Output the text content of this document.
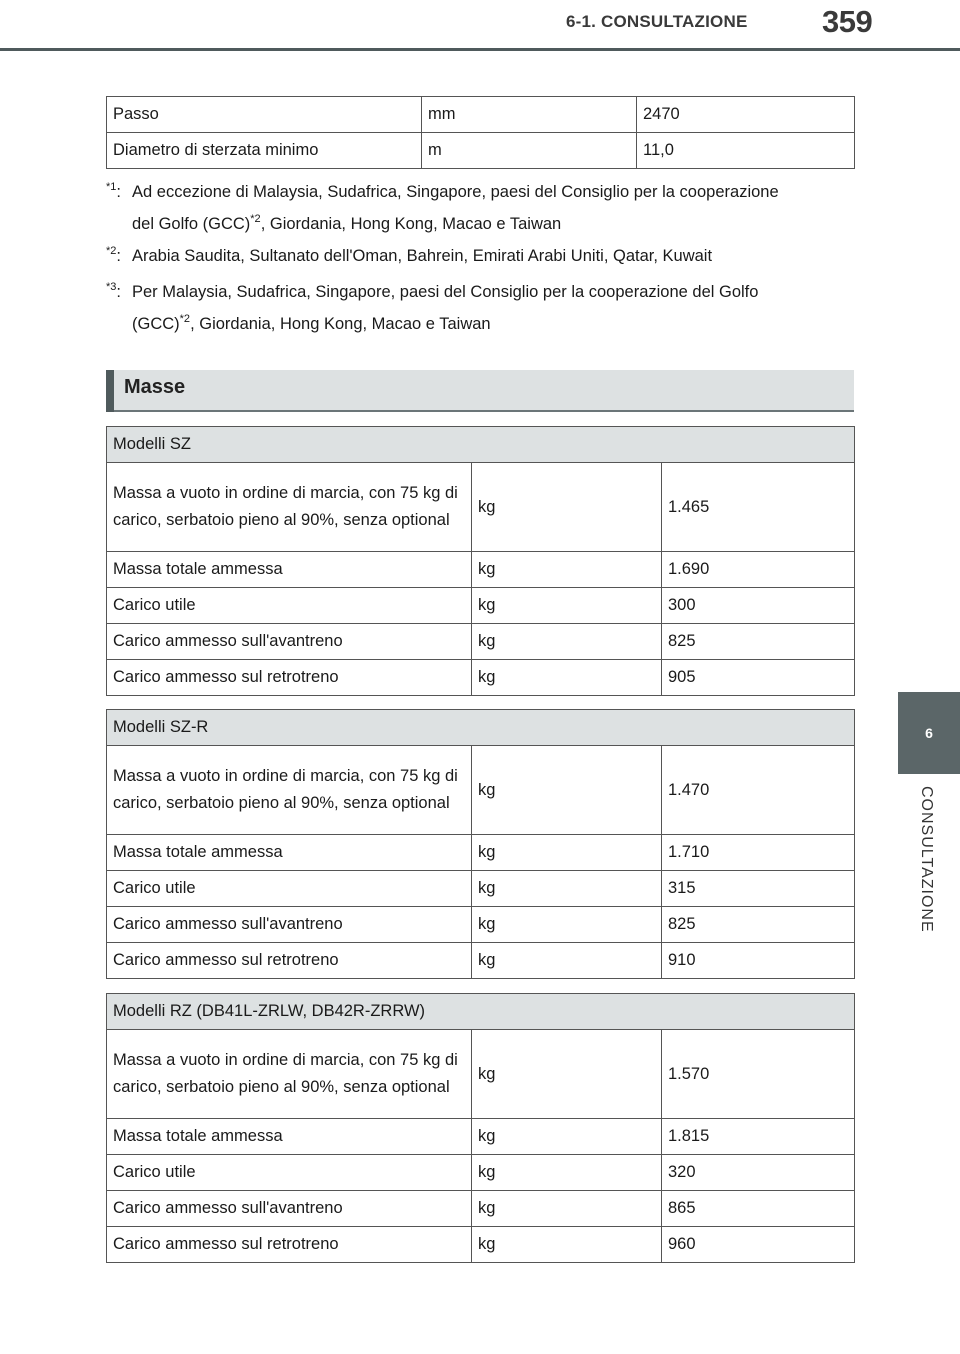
6-1. CONSULTAZIONE 359
6
CONSULTAZIONE
Passo	mm	2470
Diametro di sterzata minimo	m	11,0
$^{*1}$: Ad eccezione di Malaysia, Sudafrica, Singapore, paesi del Consiglio per la cooperazione
del Golfo (GCC)$^{*2}$, Giordania, Hong Kong, Macao e Taiwan
$^{*2}$: Arabia Saudita, Sultanato dell'Oman, Bahrein, Emirati Arabi Uniti, Qatar, Kuwait
$^{*3}$: Per Malaysia, Sudafrica, Singapore, paesi del Consiglio per la cooperazione del Golfo
(GCC)$^{*2}$, Giordania, Hong Kong, Macao e Taiwan
Masse
Modelli SZ		
Massa a vuoto in ordine di marcia, con 75 kg di carico, serbatoio pieno al 90%, senza optional	kg	1.465
Massa totale ammessa	kg	1.690
Carico utile	kg	300
Carico ammesso sull'avantreno	kg	825
Carico ammesso sul retrotreno	kg	905
Modelli SZ-R		
Massa a vuoto in ordine di marcia, con 75 kg di carico, serbatoio pieno al 90%, senza optional	kg	1.470
Massa totale ammessa	kg	1.710
Carico utile	kg	315
Carico ammesso sull'avantreno	kg	825
Carico ammesso sul retrotreno	kg	910
Modelli RZ (DB41L-ZRLW, DB42R-ZRRW)		
Massa a vuoto in ordine di marcia, con 75 kg di carico, serbatoio pieno al 90%, senza optional	kg	1.570
Massa totale ammessa	kg	1.815
Carico utile	kg	320
Carico ammesso sull'avantreno	kg	865
Carico ammesso sul retrotreno	kg	960
